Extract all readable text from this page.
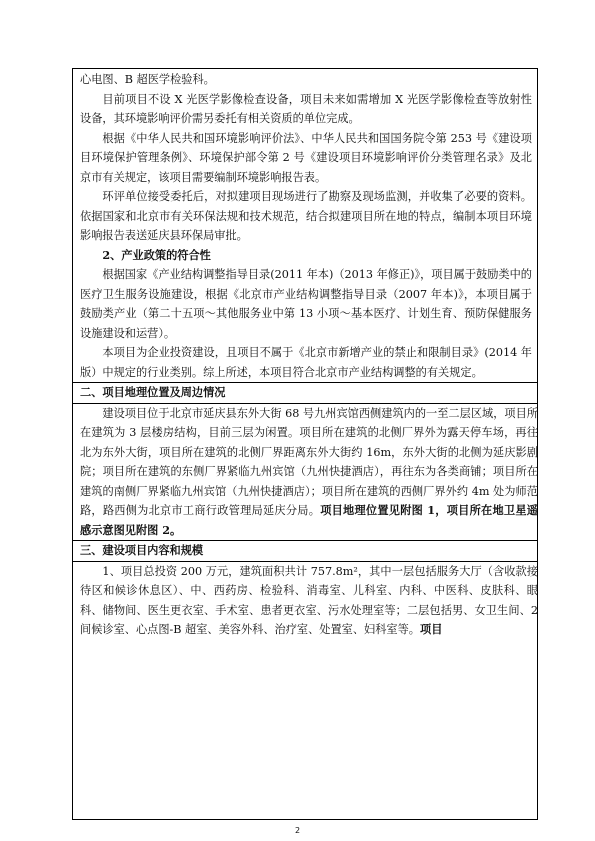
心电图、B 超医学检验科。

目前项目不设 X 光医学影像检查设备，项目未来如需增加 X 光医学影像检查等放射性设备，其环境影响评价需另委托有相关资质的单位完成。

根据《中华人民共和国环境影响评价法》、中华人民共和国国务院令第 253 号《建设项目环境保护管理条例》、环境保护部令第 2 号《建设项目环境影响评价分类管理名录》及北京市有关规定，该项目需要编制环境影响报告表。

环评单位接受委托后，对拟建项目现场进行了勘察及现场监测，并收集了必要的资料。依据国家和北京市有关环保法规和技术规范，结合拟建项目所在地的特点，编制本项目环境影响报告表送延庆县环保局审批。

2、产业政策的符合性

根据国家《产业结构调整指导目录(2011 年本)（2013 年修正)》，项目属于鼓励类中的医疗卫生服务设施建设，根据《北京市产业结构调整指导目录（2007 年本)》，本项目属于鼓励类产业（第二十五项～其他服务业中第 13 小项～基本医疗、计划生育、预防保健服务设施建设和运营）。

本项目为企业投资建设，且项目不属于《北京市新增产业的禁止和限制目录》(2014 年版）中规定的行业类别。综上所述，本项目符合北京市产业结构调整的有关规定。

二、项目地理位置及周边情况

建设项目位于北京市延庆县东外大街 68 号九州宾馆西侧建筑内的一至二层区域，项目所在建筑为 3 层楼房结构，目前三层为闲置。项目所在建筑的北侧厂界外为露天停车场，再往北为东外大街，项目所在建筑的北侧厂界距离东外大街约 16m，东外大街的北侧为延庆影剧院；项目所在建筑的东侧厂界紧临九州宾馆（九州快捷酒店），再往东为各类商铺；项目所在建筑的南侧厂界紧临九州宾馆（九州快捷酒店）；项目所在建筑的西侧厂界外约 4m 处为师范路，路西侧为北京市工商行政管理局延庆分局。项目地理位置见附图 1，项目所在地卫星遥感示意图见附图 2。

三、建设项目内容和规模

1、项目总投资 200 万元，建筑面积共计 757.8m²，其中一层包括服务大厅（含收款接待区和候诊休息区）、中、西药房、检验科、消毒室、儿科室、内科、中医科、皮肤科、眼科、储物间、医生更衣室、手术室、患者更衣室、污水处理室等；二层包括男、女卫生间、2 间候诊室、心点图-B 超室、美容外科、治疗室、处置室、妇科室等。项目

2
